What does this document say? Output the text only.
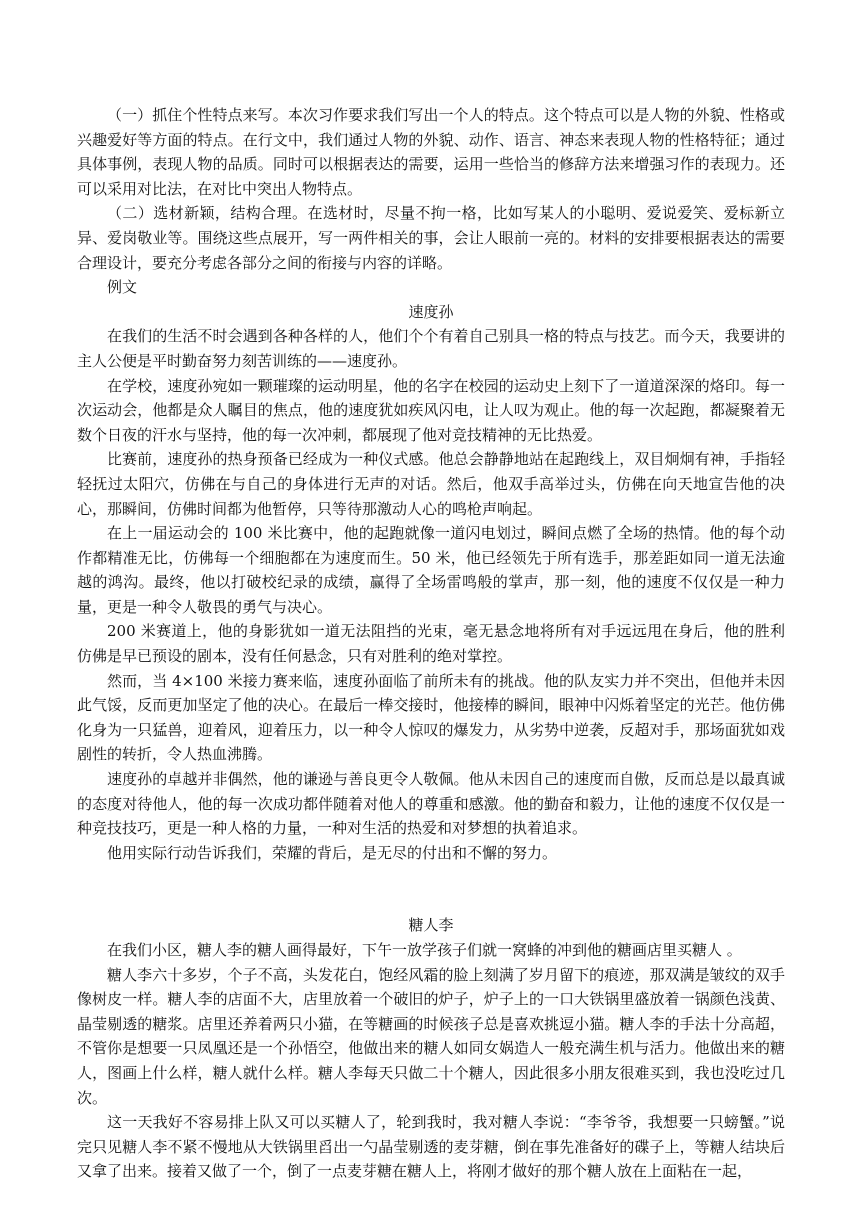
（一）抓住个性特点来写。本次习作要求我们写出一个人的特点。这个特点可以是人物的外貌、性格或兴趣爱好等方面的特点。在行文中，我们通过人物的外貌、动作、语言、神态来表现人物的性格特征；通过具体事例，表现人物的品质。同时可以根据表达的需要，运用一些恰当的修辞方法来增强习作的表现力。还可以采用对比法，在对比中突出人物特点。

（二）选材新颖，结构合理。在选材时，尽量不拘一格，比如写某人的小聪明、爱说爱笑、爱标新立异、爱岗敬业等。围绕这些点展开，写一两件相关的事，会让人眼前一亮的。材料的安排要根据表达的需要合理设计，要充分考虑各部分之间的衔接与内容的详略。

例文
速度孙

在我们的生活不时会遇到各种各样的人，他们个个有着自己别具一格的特点与技艺。而今天，我要讲的主人公便是平时勤奋努力刻苦训练的——速度孙。

在学校，速度孙宛如一颗璀璨的运动明星，他的名字在校园的运动史上刻下了一道道深深的烙印。每一次运动会，他都是众人瞩目的焦点，他的速度犹如疾风闪电，让人叹为观止。他的每一次起跑，都凝聚着无数个日夜的汗水与坚持，他的每一次冲刺，都展现了他对竞技精神的无比热爱。

比赛前，速度孙的热身预备已经成为一种仪式感。他总会静静地站在起跑线上，双目炯炯有神，手指轻轻抚过太阳穴，仿佛在与自己的身体进行无声的对话。然后，他双手高举过头，仿佛在向天地宣告他的决心，那瞬间，仿佛时间都为他暂停，只等待那激动人心的鸣枪声响起。

在上一届运动会的 100 米比赛中，他的起跑就像一道闪电划过，瞬间点燃了全场的热情。他的每个动作都精准无比，仿佛每一个细胞都在为速度而生。50 米，他已经领先于所有选手，那差距如同一道无法逾越的鸿沟。最终，他以打破校纪录的成绩，赢得了全场雷鸣般的掌声，那一刻，他的速度不仅仅是一种力量，更是一种令人敬畏的勇气与决心。

200 米赛道上，他的身影犹如一道无法阻挡的光束，毫无悬念地将所有对手远远甩在身后，他的胜利仿佛是早已预设的剧本，没有任何悬念，只有对胜利的绝对掌控。

然而，当 4×100 米接力赛来临，速度孙面临了前所未有的挑战。他的队友实力并不突出，但他并未因此气馁，反而更加坚定了他的决心。在最后一棒交接时，他接棒的瞬间，眼神中闪烁着坚定的光芒。他仿佛化身为一只猛兽，迎着风，迎着压力，以一种令人惊叹的爆发力，从劣势中逆袭，反超对手，那场面犹如戏剧性的转折，令人热血沸腾。

速度孙的卓越并非偶然，他的谦逊与善良更令人敬佩。他从未因自己的速度而自傲，反而总是以最真诚的态度对待他人，他的每一次成功都伴随着对他人的尊重和感激。他的勤奋和毅力，让他的速度不仅仅是一种竞技技巧，更是一种人格的力量，一种对生活的热爱和对梦想的执着追求。

他用实际行动告诉我们，荣耀的背后，是无尽的付出和不懈的努力。

糖人李

在我们小区，糖人李的糖人画得最好，下午一放学孩子们就一窝蜂的冲到他的糖画店里买糖人 。

糖人李六十多岁，个子不高，头发花白，饱经风霜的脸上刻满了岁月留下的痕迹，那双满是皱纹的双手像树皮一样。糖人李的店面不大，店里放着一个破旧的炉子，炉子上的一口大铁锅里盛放着一锅颜色浅黄、晶莹剔透的糖浆。店里还养着两只小猫，在等糖画的时候孩子总是喜欢挑逗小猫。糖人李的手法十分高超，不管你是想要一只凤凰还是一个孙悟空，他做出来的糖人如同女娲造人一般充满生机与活力。他做出来的糖人，图画上什么样，糖人就什么样。糖人李每天只做二十个糖人，因此很多小朋友很难买到，我也没吃过几次。

这一天我好不容易排上队又可以买糖人了，轮到我时，我对糖人李说：“李爷爷，我想要一只螃蟹。”说完只见糖人李不紧不慢地从大铁锅里舀出一勺晶莹剔透的麦芽糖，倒在事先准备好的碟子上，等糖人结块后又拿了出来。接着又做了一个，倒了一点麦芽糖在糖人上，将刚才做好的那个糖人放在上面粘在一起，
